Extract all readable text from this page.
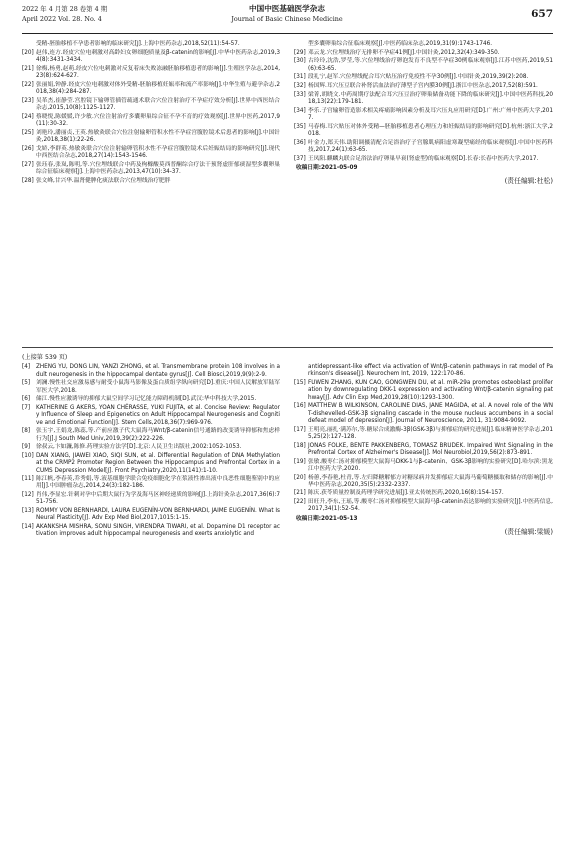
2022 年 4 月第 28 卷第 4 期
April 2022 Vol. 28. No. 4
中国中医基础医学杂志
Journal of Basic Chinese Medicine	657
受精-胚胎移植不孕患者影响的临床研究[J].上海中医药杂志,2018,52(11):54-57.
[20] 赵伟,连方.经皮穴位电刺激对高龄妇女卵细胞质量及β-catenin的影响[J].中华中医药杂志,2019,34(8):3431-3434.
[21] 徐梅,杨勇,赵萌.经皮穴位电刺激对反复着床失败冻融胚胎移植患者的影响[J].生殖医学杂志,2014,23(8):624-627.
[22] 张丽娟,钟静.经皮穴位电刺激对体外受精-胚胎移植妊娠率和流产率影响[J].中华生殖与避孕杂志,2018,38(4):284-287.
[23] 吴革杰,崔静莹.宫腔镜下输卵管插管疏通术联合穴位注射治疗不孕症疗效分析[J].世界中西医结合杂志,2015,10(8):1125-1127.
[24] 蔡晓悦,陈媛媛,许少敏.穴位注射治疗多囊卵巢综合征不孕不育的疗效观察[J].世界中医药,2017,9(11):30-32.
[25] 刘艳玲,潘丽贞,王英.热敏灸联合穴位注射输卵管积水性不孕症宫腹腔镜术后患者的影响[J].中国针灸,2018,38(1):22-26.
[26] 戈娇,李群英.热敏灸联合穴位注射输卵管积水性不孕症宫腹腔镜术后妊娠结局的影响研究[J].现代中西医结合杂志,2018,27(14):1543-1546.
[27] 张珏春,张岚,陈明,等.穴位埋线联合中药及枸橼酸莫西普酮综合疗法干预肾虚肝郁痰湿型多囊卵巢综合征临床观察[J].上海中医药杂志,2013,47(10):34-37.
[28] 张文峰,甘兴华.温肾健脾化痰法联合穴位埋线治疗肥胖
型多囊卵巢综合征临床观察[J].中医药临床杂志,2019,31(9):1743-1746.
[29] 邓云龙.穴位埋线治疗无排卵不孕症41例[J].中国针灸,2012,32(4):349-350.
[30] 古玲玲,沈浩,罗莹,等.穴位埋线治疗卵泡发育不良型不孕症30例临床观察[J].江苏中医药,2019,51(6):63-65.
[31] 段礼宁,赵军.穴位埋线配合耳穴贴压治疗免疫性不孕30例[J].中国针灸,2019,39(2):208.
[32] 杨国辉.耳穴压豆联合补肾活血法治疗薄型子宫内膜30例[J].浙江中医杂志,2017,52(8):591.
[33] 梁菁,胡晓文.中药周期疗法配合耳穴压豆治疗卵巢储备功能下降的临床研究[J].中国中医药科技,2018,13(22):179-181.
[34] 李乐.子宫输卵管造影术相关疼痛影响因素分析及耳穴压丸应用研究[D].广州:广州中医药大学,2017.
[35] 马春梅.耳穴贴压对体外受精—胚胎移植患者心理压力和妊娠结局的影响研究[D].杭州:浙江大学,2018.
[36] 叶金力,郑天伟.助阳调摄清配合足浴治疗子宫腺肌病阳虚寒凝型痛经的临床观察[J].中国中医药科技,2017,24(1):63-65.
[37] 王凤阳.麒麟丸联合足浴法治疗卵巢早衰(肾虚型)的临床观察[D].长春:长春中医药大学,2017.
收稿日期:2021-05-09
(责任编辑:杜松)
(上接第 539 页)
[4]	ZHENG YU, DONG LIN, YANZI ZHONG, et al. Transmembrane protein 108 involves in adult neurogenesis in the hippocampal dentate gyrus[J]. Cell Biosci,2019,9(9):2-9.
[5]	刘澜.慢性社交应激易感与耐受小鼠海马影像及蛋白质组学纵向研究[D].重庆:中国人民解放军陆军军医大学,2018.
[6]	储江.慢性应激诱导的抑郁大鼠空间学习记忆能力障碍机制[D].武汉:华中科技大学,2015.
[7]	KATHERINE G AKERS, YOAN CHÉRASSE, YUKI FUJITA, et al. Concise Review: Regulatory Influence of Sleep and Epigenetics on Adult Hippocampal Neurogenesis and Cognitive and Emotional Function[J]. Stem Cells,2018,36(7):969-976.
[8]	张玉宇,王娟龙,陈蕊,等.产前应激子代大鼠海马Wnt/β-catenin信号通路的改变诱导抑郁和焦虑样行为[J].J South Med Univ,2019,39(2):222-226.
[9]	徐叔云,卞如濂,陈修.药理实验方法学[D].北京:人民卫生出版社,2002:1052-1053.
[10] DAN XIANG, JIAWEI XIAO, SIQI SUN, et al. Differential Regulation of DNA Methylation at the CRMP2 Promoter Region Between the Hippocampus and Prefrontal Cortex in a CUMS Depression Model[J]. Front Psychiatry,2020,11(141):1-10.
[11] 陈江帆,李春英,乔秀娟,等.液基细胞学联合免疫细胞化学在浆液性渗出液中良恶性细胞鉴别中的应用[J].中国肿瘤杂志,2014,24(3):182-186.
[12] 肖伟,李显宏.针刺对孕中后期大鼠行为学及海马区神经递质的影响[J].上海针灸杂志,2017,36(6):751-756.
[13] ROMMY VON BERNHARDI, LAURA EUGENÍN-VON BERNHARDI, JAIME EUGENÍN. What Is Neural Plasticity[J]. Adv Exp Med Biol,2017,1015:1-15.
[14] AKANKSHA MISHRA, SONU SINGH, VIRENDRA TIWARI, et al. Dopamine D1 receptor activation improves adult hippocampal neurogenesis and exerts anxiolytic and
antidepressant-like effect via activation of Wnt/β-catenin pathways in rat model of Parkinson's disease[J]. Neurochem Int, 2019, 122:170-86.
[15] FUWEN ZHANG, KUN CAO, GONGWEN DU, et al. miR-29a promotes osteoblast proliferation by downregulating DKK-1 expression and activating Wnt/β-catenin signaling pathway[J]. Adv Clin Exp Med,2019,28(10):1293-1300.
[16] MATTHEW B WILKINSON, CAROLINE DIAS, JANE MAGIDA, et al. A novel role of the WNT-dishevelled-GSK-3β signaling cascade in the mouse nucleus accumbens in a social defeat model of depression[J]. Journal of Neuroscience, 2011, 31:9084-9092.
[17] 王明亮,丽扎·满苏尔,等.糖尿合成激酶-3β(GSK-3β)与抑郁症的研究进展[J].临床精神医学杂志,2015,25(2):127-128.
[18] JONAS FOLKE, BENTE PAKKENBERG, TOMASZ BRUDEK. Impaired Wnt Signaling in the Prefrontal Cortex of Alzheimer's Disease[J]. Mol Neurobiol,2019,56(2):873-891.
[19] 张敏.酸枣仁汤对抑郁模型大鼠海马DKK-1与β-catenin、GSK-3β影响的实验研究[D].哈尔滨:黑龙江中医药大学,2020.
[20] 杨蕙,李春艳,杜青,等.左归降糖解郁方对糖尿病并发抑郁症大鼠海马葡萄糖摄取和储存的影响[J].中华中医药杂志,2020,35(5):2332-2337.
[21] 陈庆.获苓质量控制及药理学研究进展[J].亚太传统医药,2020,16(8):154-157.
[22] 田旺升,李东,王瑶,等.酸枣仁汤对抑郁模型大鼠海马β-catenin表达影响的实验研究[J].中医药信息,2017,34(1):52-54.
收稿日期:2021-05-13
(责任编辑:梁媛)
